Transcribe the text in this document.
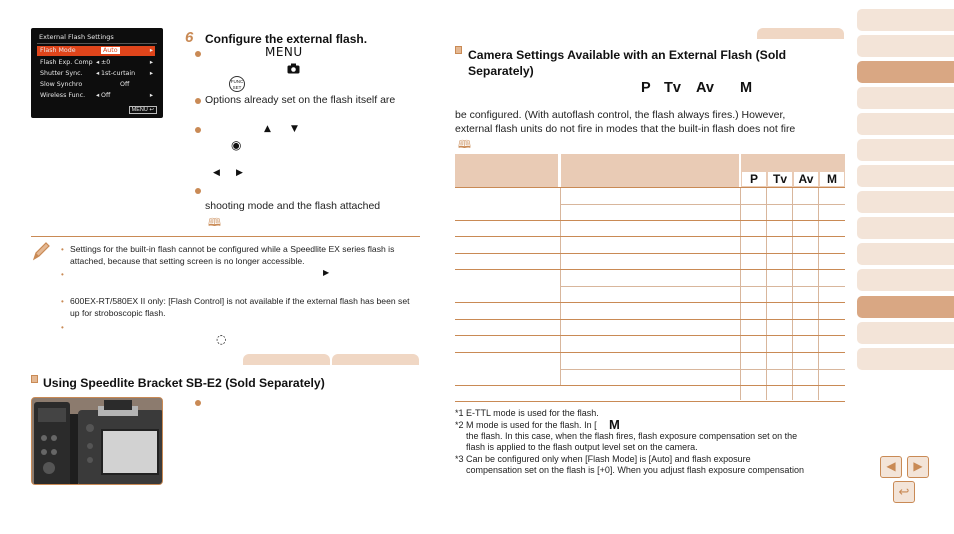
External Flash Settings
Flash Mode	Auto	▸
Flash Exp. Comp ◂ ±0	▸
Shutter Sync. ◂ 1st-curtain ▸
Slow Synchro	Off
Wireless Func. ◂ Off	▸
MENU ↩
6 Configure the external flash.
MENU
FUNC SET
Options already set on the flash itself are
▲ ▼
◉
◀ ▶
shooting mode and the flash attached
🕮
• Settings for the built-in flash cannot be configured while a Speedlite EX series flash is attached, because that setting screen is no longer accessible.
•	▶
• 600EX-RT/580EX II only: [Flash Control] is not available if the external flash has been set up for stroboscopic flash.
•
◌
Using Speedlite Bracket SB-E2 (Sold Separately)
Camera Settings Available with an External Flash (Sold
Separately)
P Tv Av M
be configured. (With autoflash control, the flash always fires.) However,
external flash units do not fire in modes that the built-in flash does not fire
🕮
P	Tv Av	M
*1 E-TTL mode is used for the flash.
*2 M mode is used for the flash. In [ M
the flash. In this case, when the flash fires, flash exposure compensation set on the
flash is applied to the flash output level set on the camera.
*3 Can be configured only when [Flash Mode] is [Auto] and flash exposure
compensation set on the flash is [+0]. When you adjust flash exposure compensation	◀	▶
↩
